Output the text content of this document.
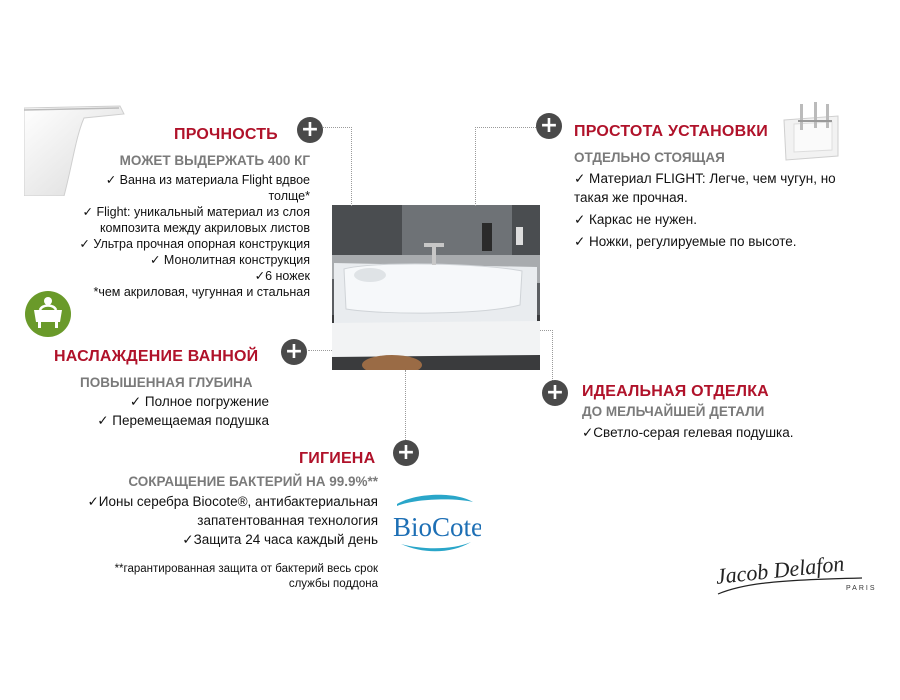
ПРОЧНОСТЬ +
МОЖЕТ ВЫДЕРЖАТЬ 400 КГ
✓ Ванна из материала Flight вдвое
толще*
✓ Flight: уникальный материал из слоя
композита между акриловых листов
✓ Ультра прочная опорная конструкция
✓ Монолитная конструкция
✓6 ножек
*чем акриловая, чугунная и стальная
НАСЛАЖДЕНИЕ ВАННОЙ +
ПОВЫШЕННАЯ ГЛУБИНА
✓ Полное погружение
✓ Перемещаемая подушка
ГИГИЕНА +
СОКРАЩЕНИЕ БАКТЕРИЙ НА 99.9%**
✓Ионы серебра Biocote®, антибактериальная
запатентованная технология
✓Защита 24 часа каждый день
**гарантированная защита от бактерий весь срок
службы поддона
BioCote
+ ПРОСТОТА УСТАНОВКИ
ОТДЕЛЬНО СТОЯЩАЯ
✓ Материал FLIGHT: Легче, чем чугун, но
такая же прочная.
✓ Каркас не нужен.
✓ Ножки, регулируемые по высоте.
+ ИДЕАЛЬНАЯ ОТДЕЛКА
ДО МЕЛЬЧАЙШЕЙ ДЕТАЛИ
✓Светло-серая гелевая подушка.
Jacob Delafon PARIS
